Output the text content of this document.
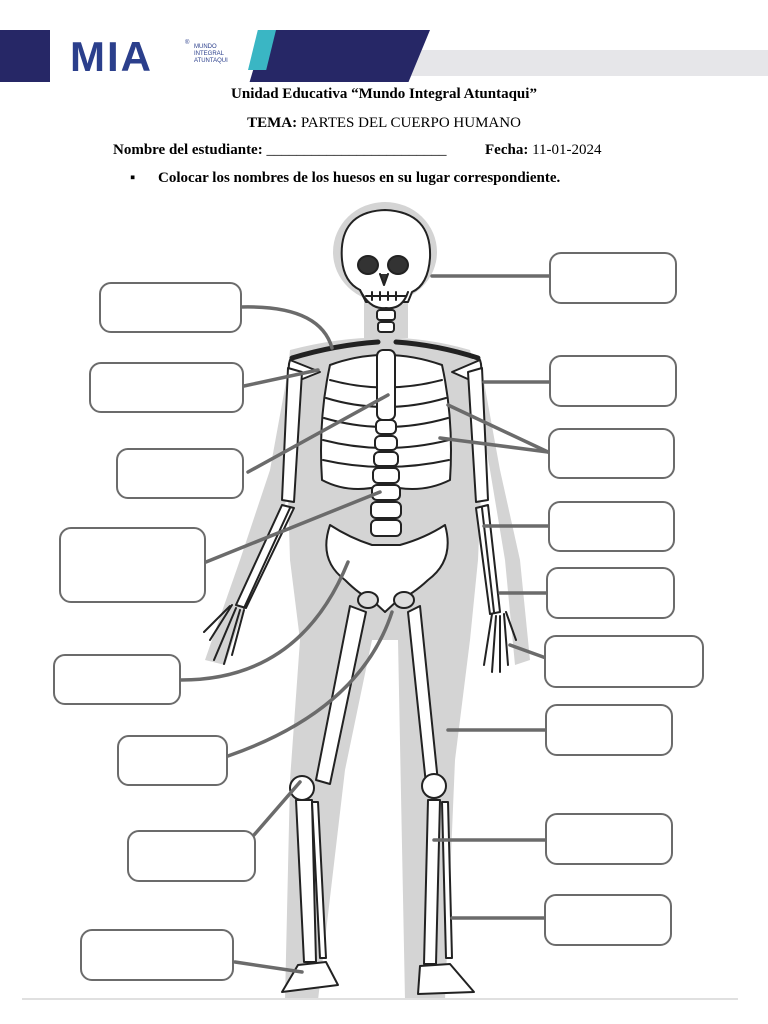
MIA	®
MUNDO
INTEGRAL
ATUNTAQUI
Unidad Educativa “Mundo Integral Atuntaqui”
TEMA: PARTES DEL CUERPO HUMANO
Nombre del estudiante: ________________________	Fecha: 11-01-2024
▪ Colocar los nombres de los huesos en su lugar correspondiente.
